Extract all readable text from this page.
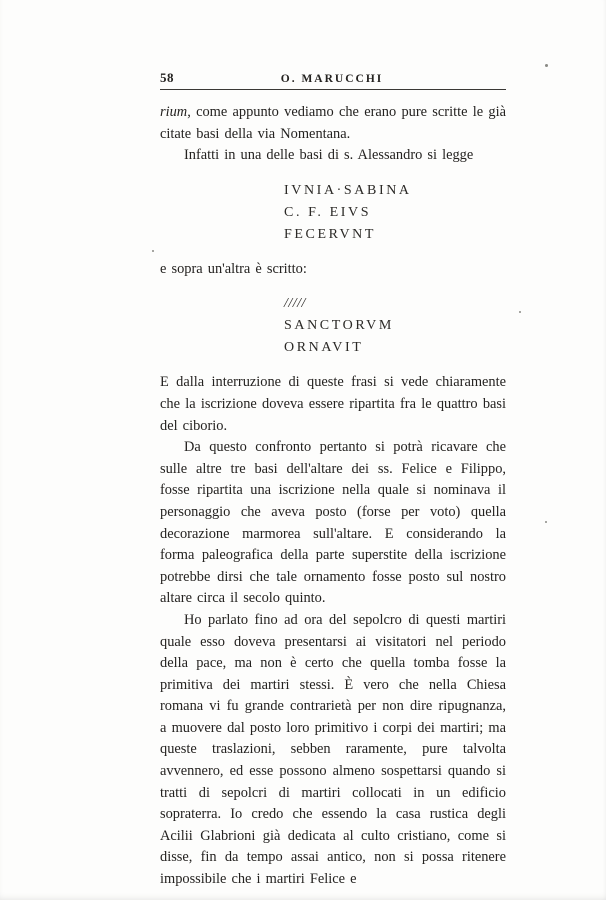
58	O. MARUCCHI

rium, come appunto vediamo che erano pure scritte le già citate basi della via Nomentana.

Infatti in una delle basi di s. Alessandro si legge

IVNIA·SABINA
C. F. EIVS
FECERVNT

e sopra un'altra è scritto:

/////
SANCTORVM
ORNAVIT

E dalla interruzione di queste frasi si vede chiaramente che la iscrizione doveva essere ripartita fra le quattro basi del ciborio.

Da questo confronto pertanto si potrà ricavare che sulle altre tre basi dell'altare dei ss. Felice e Filippo, fosse ripartita una iscrizione nella quale si nominava il personaggio che aveva posto (forse per voto) quella decorazione marmorea sull'altare. E considerando la forma paleografica della parte superstite della iscrizione potrebbe dirsi che tale ornamento fosse posto sul nostro altare circa il secolo quinto.

Ho parlato fino ad ora del sepolcro di questi martiri quale esso doveva presentarsi ai visitatori nel periodo della pace, ma non è certo che quella tomba fosse la primitiva dei martiri stessi. È vero che nella Chiesa romana vi fu grande contrarietà per non dire ripugnanza, a muovere dal posto loro primitivo i corpi dei martiri; ma queste traslazioni, sebben raramente, pure talvolta avvennero, ed esse possono almeno sospettarsi quando si tratti di sepolcri di martiri collocati in un edificio sopraterra. Io credo che essendo la casa rustica degli Acilii Glabrioni già dedicata al culto cristiano, come si disse, fin da tempo assai antico, non si possa ritenere impossibile che i martiri Felice e
